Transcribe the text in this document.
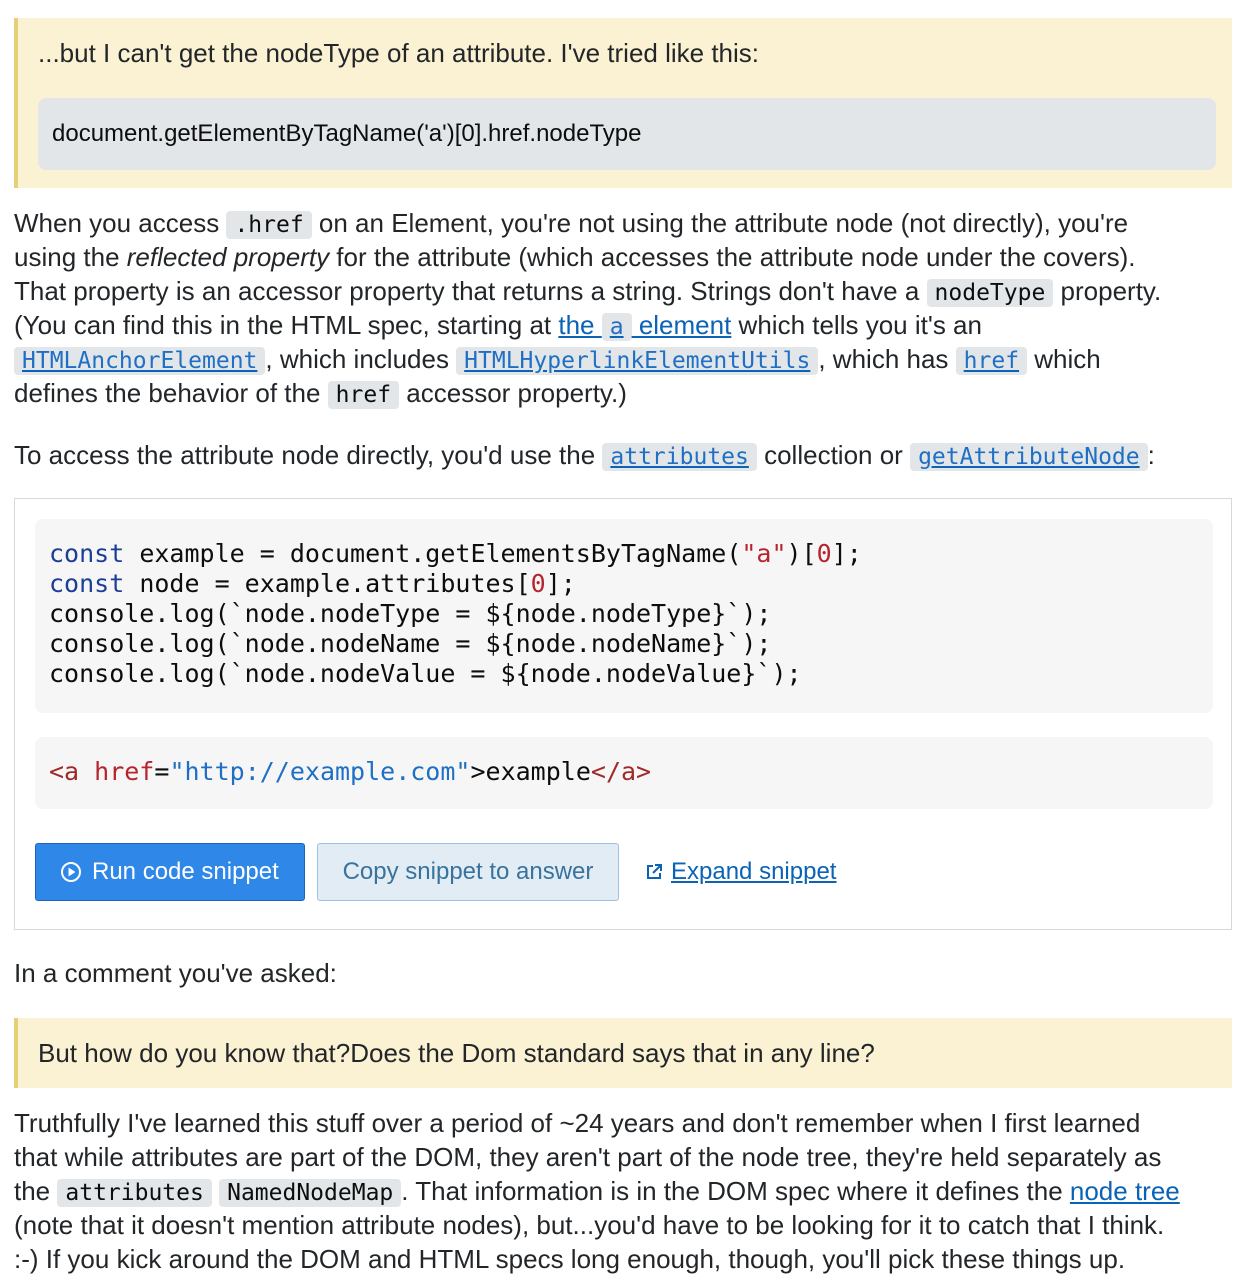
...but I can't get the nodeType of an attribute. I've tried like this:
document.getElementByTagName('a')[0].href.nodeType
When you access .href on an Element, you're not using the attribute node (not directly), you're
using the reflected property for the attribute (which accesses the attribute node under the covers).
That property is an accessor property that returns a string. Strings don't have a nodeType property.
(You can find this in the HTML spec, starting at the a element which tells you it's an
HTMLAnchorElement , which includes HTMLHyperlinkElementUtils , which has href which
defines the behavior of the href accessor property.)
To access the attribute node directly, you'd use the attributes collection or getAttributeNode :
const example = document.getElementsByTagName("a")[0];
const node = example.attributes[0];
console.log(`node.nodeType = ${node.nodeType}`);
console.log(`node.nodeName = ${node.nodeName}`);
console.log(`node.nodeValue = ${node.nodeValue}`);
<a href="http://example.com">example</a>
Run code snippet	Copy snippet to answer	Expand snippet
In a comment you've asked:
But how do you know that?Does the Dom standard says that in any line?
Truthfully I've learned this stuff over a period of ~24 years and don't remember when I first learned
that while attributes are part of the DOM, they aren't part of the node tree, they're held separately as
the attributes NamedNodeMap . That information is in the DOM spec where it defines the node tree
(note that it doesn't mention attribute nodes), but...you'd have to be looking for it to catch that I think.
:-) If you kick around the DOM and HTML specs long enough, though, you'll pick these things up.
